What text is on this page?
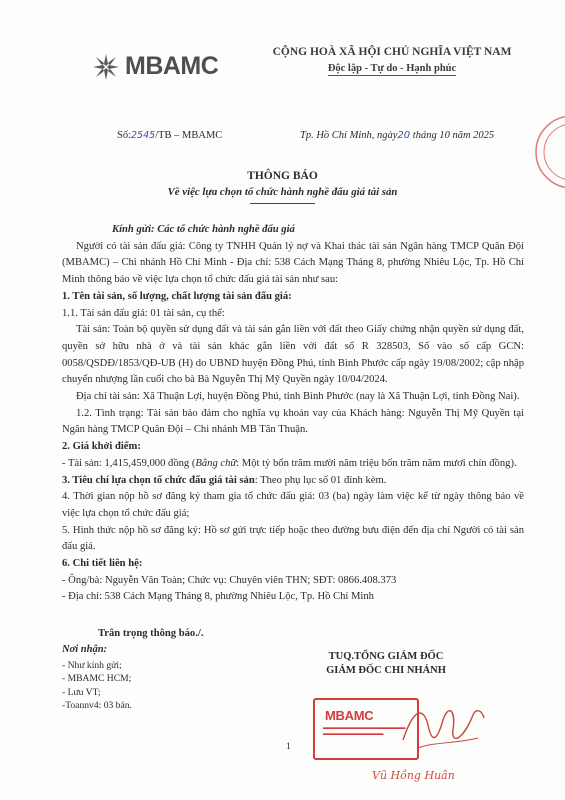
MBAMC	CỘNG HOÀ XÃ HỘI CHỦ NGHĨA VIỆT NAM
Độc lập - Tự do - Hạnh phúc
Số:2545/TB – MBAMC	Tp. Hồ Chí Minh, ngày20 tháng 10 năm 2025
THÔNG BÁO
Về việc lựa chọn tổ chức hành nghề đấu giá tài sản

Kính gửi: Các tổ chức hành nghề đấu giá

Người có tài sản đấu giá: Công ty TNHH Quản lý nợ và Khai thác tài sản Ngân hàng TMCP Quân Đội (MBAMC) – Chi nhánh Hồ Chí Minh - Địa chỉ: 538 Cách Mạng Tháng 8, phường Nhiêu Lộc, Tp. Hồ Chí Minh thông báo về việc lựa chọn tổ chức đấu giá tài sản như sau:

1. Tên tài sản, số lượng, chất lượng tài sản đấu giá:

1.1. Tài sản đấu giá: 01 tài sản, cụ thể:

Tài sản: Toàn bộ quyền sử dụng đất và tài sản gắn liền với đất theo Giấy chứng nhận quyền sử dụng đất, quyền sở hữu nhà ở và tài sản khác gắn liền với đất số R 328503, Số vào số cấp GCN: 0058/QSDĐ/1853/QĐ-UB (H) do UBND huyện Đồng Phú, tỉnh Bình Phước cấp ngày 19/08/2002; cập nhập chuyển nhượng lần cuối cho bà Bà Nguyễn Thị Mỹ Quyền ngày 10/04/2024.

Địa chỉ tài sản: Xã Thuận Lợi, huyện Đồng Phú, tỉnh Bình Phước (nay là Xã Thuận Lợi, tỉnh Đồng Nai).

1.2. Tình trạng: Tài sản bảo đảm cho nghĩa vụ khoản vay của Khách hàng: Nguyễn Thị Mỹ Quyền tại Ngân hàng TMCP Quân Đội – Chi nhánh MB Tân Thuận.

2. Giá khởi điểm:

- Tài sản: 1,415,459,000 đồng (Bằng chữ: Một tỷ bốn trăm mười năm triệu bốn trăm năm mươi chín đồng).

3. Tiêu chí lựa chọn tổ chức đấu giá tài sản: Theo phụ lục số 01 đính kèm.

4. Thời gian nộp hồ sơ đăng ký tham gia tổ chức đấu giá: 03 (ba) ngày làm việc kể từ ngày thông báo về việc lựa chọn tổ chức đấu giá;

5. Hình thức nộp hồ sơ đăng ký: Hồ sơ gửi trực tiếp hoặc theo đường bưu điện đến địa chỉ Người có tài sản đấu giá.

6. Chi tiết liên hệ:

- Ông/bà: Nguyễn Văn Toàn; Chức vụ: Chuyên viên THN; SĐT: 0866.408.373

- Địa chỉ: 538 Cách Mạng Tháng 8, phường Nhiêu Lộc, Tp. Hồ Chí Minh

Trân trọng thông báo./.
Nơi nhận:
- Như kính gửi;
- MBAMC HCM;
- Lưu VT;
-Toannv4: 03 bản.
TUQ.TỔNG GIÁM ĐỐC
GIÁM ĐỐC CHI NHÁNH
MBAMC
▬▬▬▬▬▬▬▬▬▬▬▬▬▬▬
▬▬▬▬▬▬▬▬▬▬▬
Vũ Hồng Huân
1
